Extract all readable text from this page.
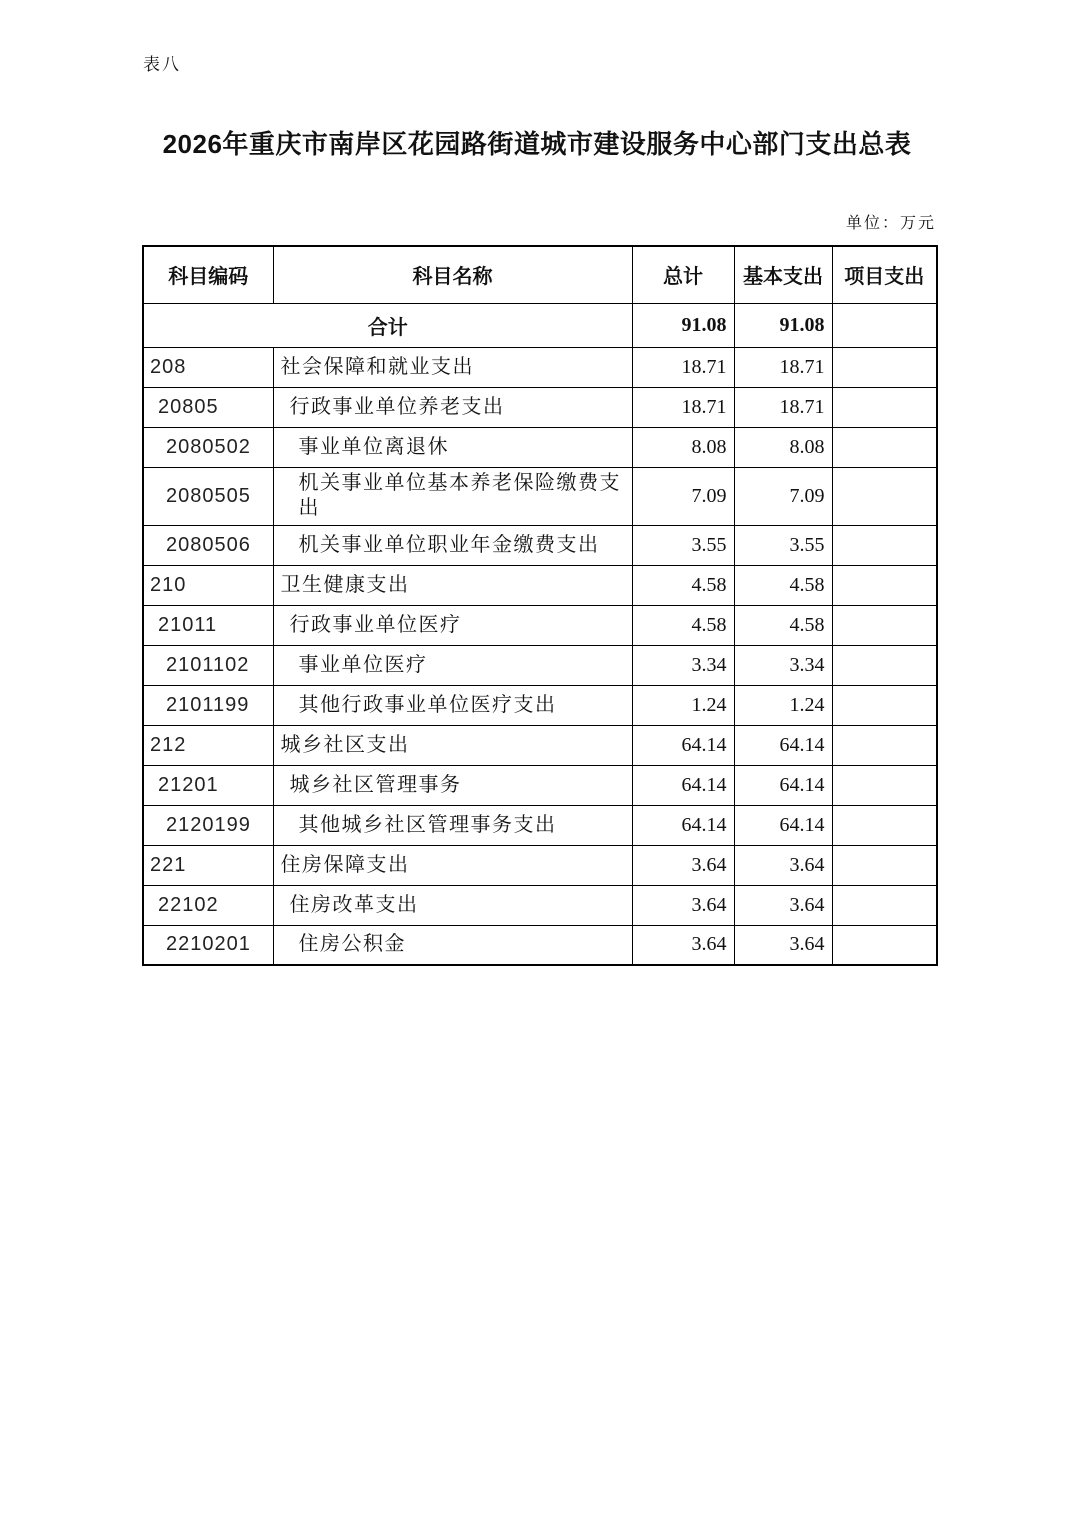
表八
2026年重庆市南岸区花园路街道城市建设服务中心部门支出总表
单位：万元
科目编码	科目名称	总计	基本支出	项目支出
合计		91.08	91.08	
208	社会保障和就业支出	18.71	18.71	
20805	行政事业单位养老支出	18.71	18.71	
2080502	事业单位离退休	8.08	8.08	
2080505	机关事业单位基本养老保险缴费支出	7.09	7.09	
2080506	机关事业单位职业年金缴费支出	3.55	3.55	
210	卫生健康支出	4.58	4.58	
21011	行政事业单位医疗	4.58	4.58	
2101102	事业单位医疗	3.34	3.34	
2101199	其他行政事业单位医疗支出	1.24	1.24	
212	城乡社区支出	64.14	64.14	
21201	城乡社区管理事务	64.14	64.14	
2120199	其他城乡社区管理事务支出	64.14	64.14	
221	住房保障支出	3.64	3.64	
22102	住房改革支出	3.64	3.64	
2210201	住房公积金	3.64	3.64	
